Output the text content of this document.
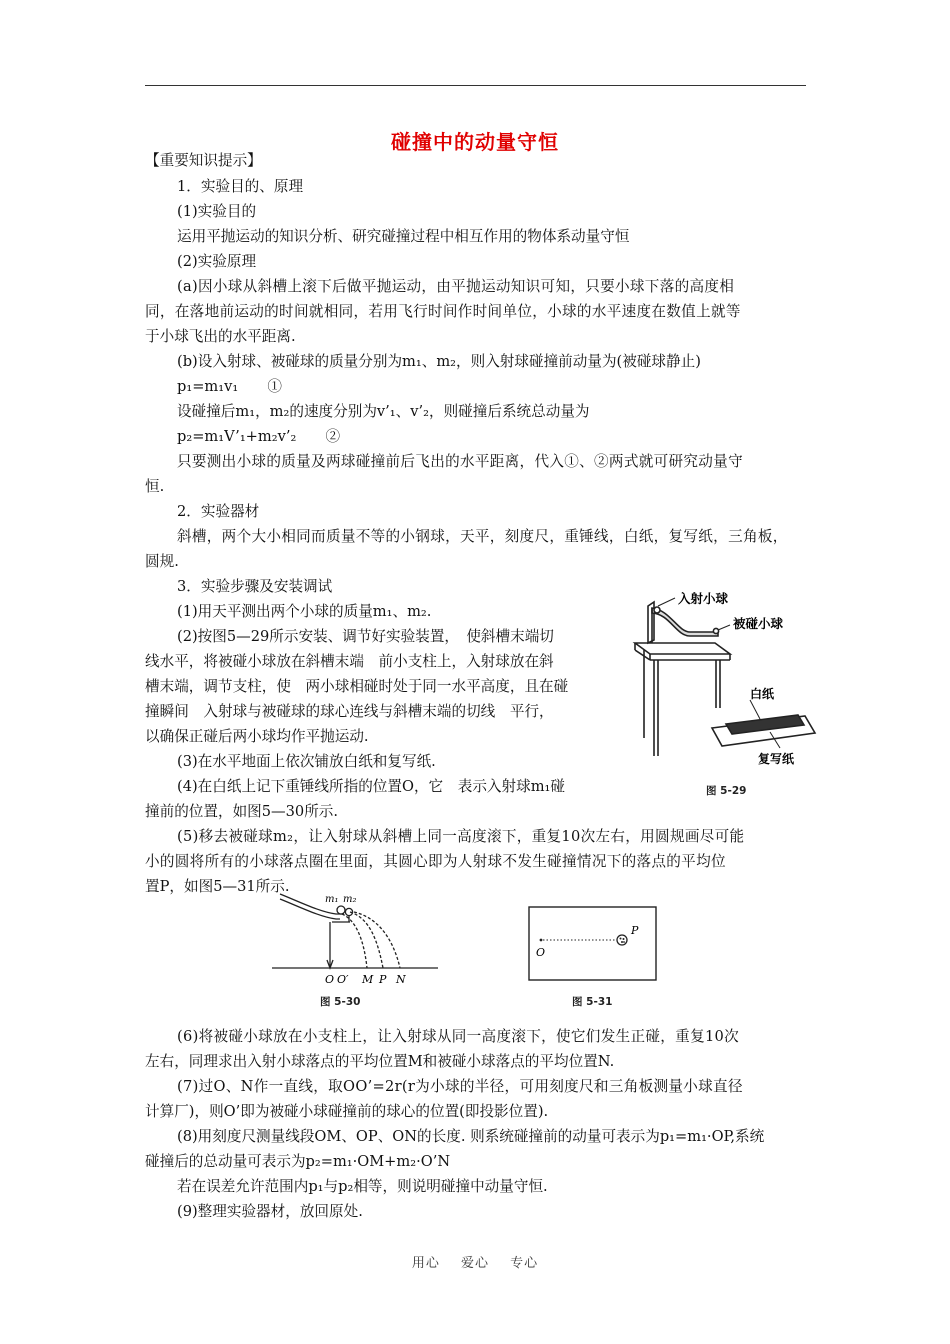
碰撞中的动量守恒
【重要知识提示】
1．实验目的、原理
(1)实验目的
运用平抛运动的知识分析、研究碰撞过程中相互作用的物体系动量守恒
(2)实验原理
(a)因小球从斜槽上滚下后做平抛运动，由平抛运动知识可知，只要小球下落的高度相
同，在落地前运动的时间就相同，若用飞行时间作时间单位，小球的水平速度在数值上就等
于小球飞出的水平距离.
(b)设入射球、被碰球的质量分别为m₁、m₂，则入射球碰撞前动量为(被碰球静止)
p₁=m₁v₁　　①
设碰撞后m₁，m₂的速度分别为v’₁、v’₂，则碰撞后系统总动量为
p₂=m₁V’₁+m₂v’₂　　②
只要测出小球的质量及两球碰撞前后飞出的水平距离，代入①、②两式就可研究动量守
恒.
2．实验器材
斜槽，两个大小相同而质量不等的小钢球，天平，刻度尺，重锤线，白纸，复写纸，三角板，
圆规.
3．实验步骤及安装调试
(1)用天平测出两个小球的质量m₁、m₂.
(2)按图5—29所示安装、调节好实验装置，　使斜槽末端切
线水平，将被碰小球放在斜槽末端　前小支柱上，入射球放在斜
槽末端，调节支柱，使　两小球相碰时处于同一水平高度，且在碰
撞瞬间　入射球与被碰球的球心连线与斜槽末端的切线　平行，
以确保正碰后两小球均作平抛运动.
(3)在水平地面上依次铺放白纸和复写纸.
(4)在白纸上记下重锤线所指的位置O，它　表示入射球m₁碰
撞前的位置，如图5—30所示.
(5)移去被碰球m₂，让入射球从斜槽上同一高度滚下，重复10次左右，用圆规画尽可能
小的圆将所有的小球落点圈在里面，其圆心即为人射球不发生碰撞情况下的落点的平均位
置P，如图5—31所示.
(6)将被碰小球放在小支柱上，让入射球从同一高度滚下，使它们发生正碰，重复10次
左右，同理求出入射小球落点的平均位置M和被碰小球落点的平均位置N.
(7)过O、N作一直线，取OO’=2r(r为小球的半径，可用刻度尺和三角板测量小球直径
计算厂)，则O’即为被碰小球碰撞前的球心的位置(即投影位置).
(8)用刻度尺测量线段OM、OP、ON的长度. 则系统碰撞前的动量可表示为p₁=m₁·OP,系统
碰撞后的总动量可表示为p₂=m₁·OM+m₂·O’N
若在误差允许范围内p₁与p₂相等，则说明碰撞中动量守恒.
(9)整理实验器材，放回原处.
入射小球
被碰小球
白纸
复写纸
图 5-29
m₁ m₂
O O′ M P N
图 5-30
O
P
图 5-31
用心 爱心 专心
